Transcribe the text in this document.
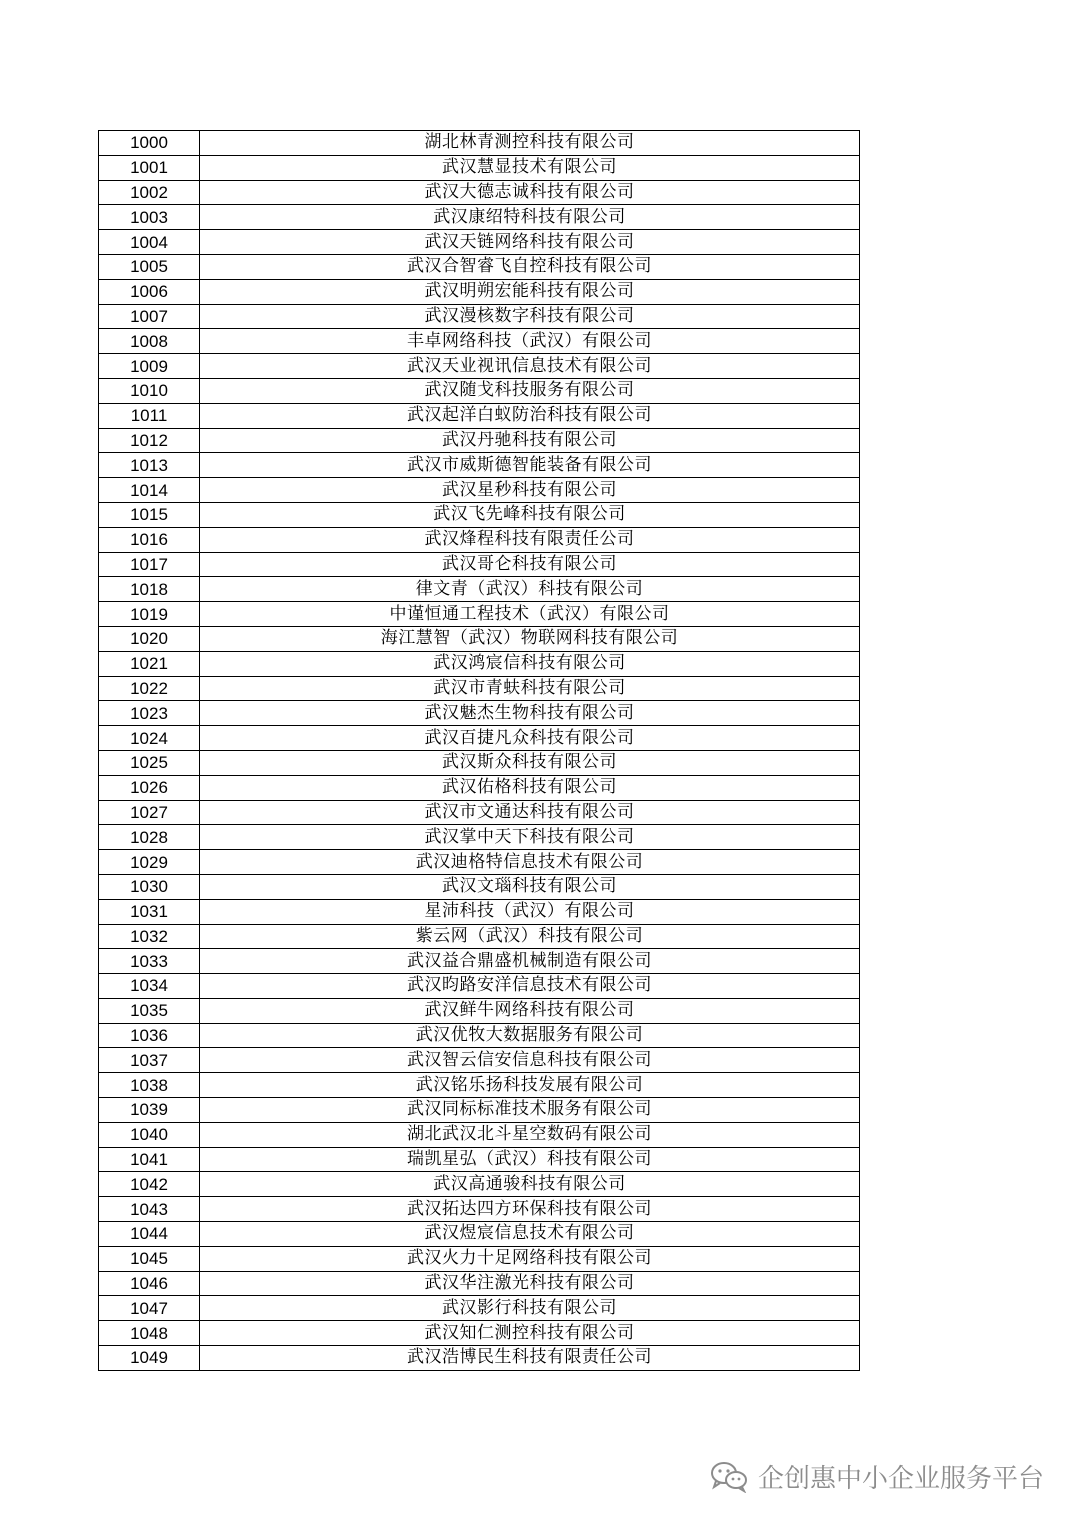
1000	湖北林青测控科技有限公司
1001	武汉慧显技术有限公司
1002	武汉大德志诚科技有限公司
1003	武汉康绍特科技有限公司
1004	武汉天链网络科技有限公司
1005	武汉合智睿飞自控科技有限公司
1006	武汉明朔宏能科技有限公司
1007	武汉漫核数字科技有限公司
1008	丰卓网络科技（武汉）有限公司
1009	武汉天业视讯信息技术有限公司
1010	武汉随戈科技服务有限公司
1011	武汉起洋白蚁防治科技有限公司
1012	武汉丹驰科技有限公司
1013	武汉市威斯德智能装备有限公司
1014	武汉星秒科技有限公司
1015	武汉飞先峰科技有限公司
1016	武汉烽程科技有限责任公司
1017	武汉哥仑科技有限公司
1018	律文青（武汉）科技有限公司
1019	中谨恒通工程技术（武汉）有限公司
1020	海江慧智（武汉）物联网科技有限公司
1021	武汉鸿宸信科技有限公司
1022	武汉市青蚨科技有限公司
1023	武汉魅杰生物科技有限公司
1024	武汉百捷凡众科技有限公司
1025	武汉斯众科技有限公司
1026	武汉佑格科技有限公司
1027	武汉市文通达科技有限公司
1028	武汉掌中天下科技有限公司
1029	武汉迪格特信息技术有限公司
1030	武汉文瑙科技有限公司
1031	星沛科技（武汉）有限公司
1032	紫云网（武汉）科技有限公司
1033	武汉益合鼎盛机械制造有限公司
1034	武汉昀路安洋信息技术有限公司
1035	武汉鲜牛网络科技有限公司
1036	武汉优牧大数据服务有限公司
1037	武汉智云信安信息科技有限公司
1038	武汉铭乐扬科技发展有限公司
1039	武汉同标标准技术服务有限公司
1040	湖北武汉北斗星空数码有限公司
1041	瑞凯星弘（武汉）科技有限公司
1042	武汉高通骏科技有限公司
1043	武汉拓达四方环保科技有限公司
1044	武汉煜宸信息技术有限公司
1045	武汉火力十足网络科技有限公司
1046	武汉华注激光科技有限公司
1047	武汉影行科技有限公司
1048	武汉知仁测控科技有限公司
1049	武汉浩博民生科技有限责任公司
企创惠中小企业服务平台
